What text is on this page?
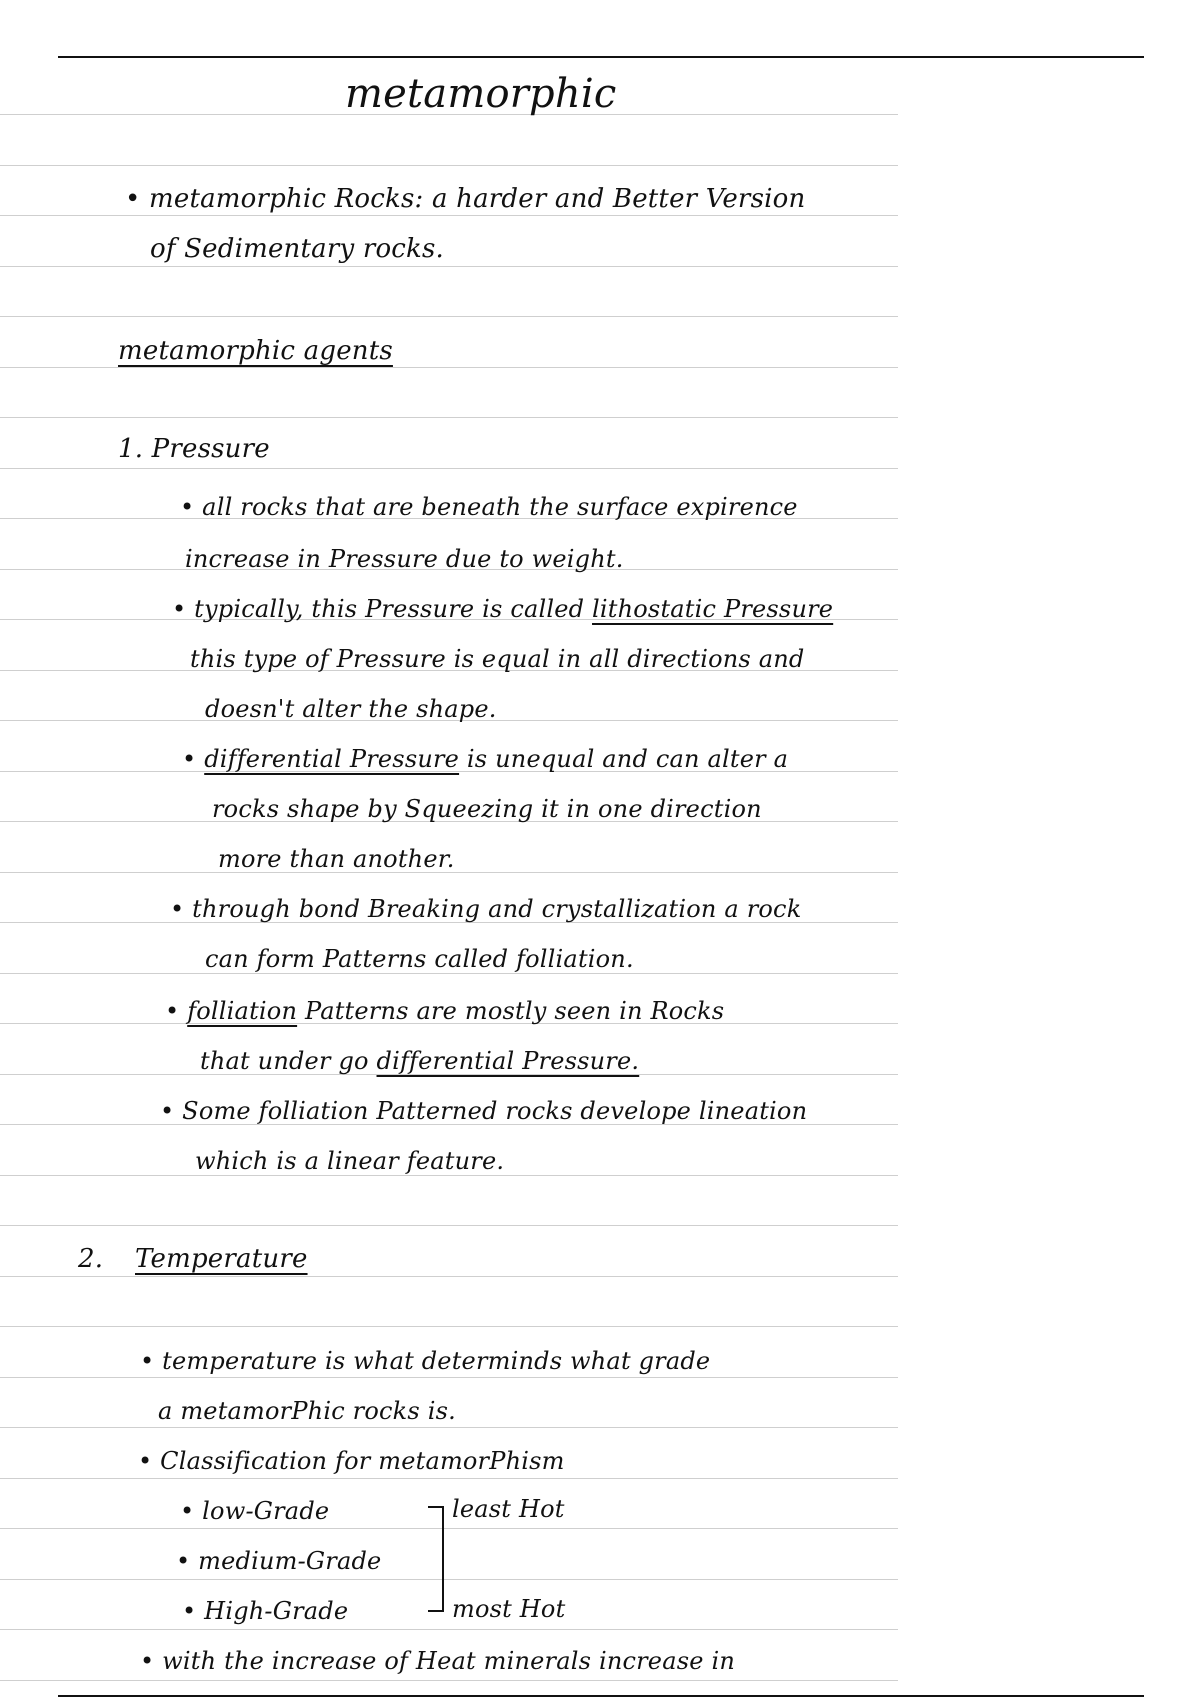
metamorphic
• metamorphic Rocks: a harder and Better Version
of Sedimentary rocks.
metamorphic agents
1. Pressure
• all rocks that are beneath the surface expirence
increase in Pressure due to weight.
• typically, this Pressure is called lithostatic Pressure
this type of Pressure is equal in all directions and
doesn't alter the shape.
• differential Pressure is unequal and can alter a
rocks shape by Squeezing it in one direction
more than another.
• through bond Breaking and crystallization a rock
can form Patterns called folliation.
• folliation Patterns are mostly seen in Rocks
that under go differential Pressure.
• Some folliation Patterned rocks develope lineation
which is a linear feature.
2. Temperature
• temperature is what determinds what grade
a metamorPhic rocks is.
• Classification for metamorPhism
• low-Grade
• medium-Grade
• High-Grade
least Hot
most Hot
• with the increase of Heat minerals increase in
